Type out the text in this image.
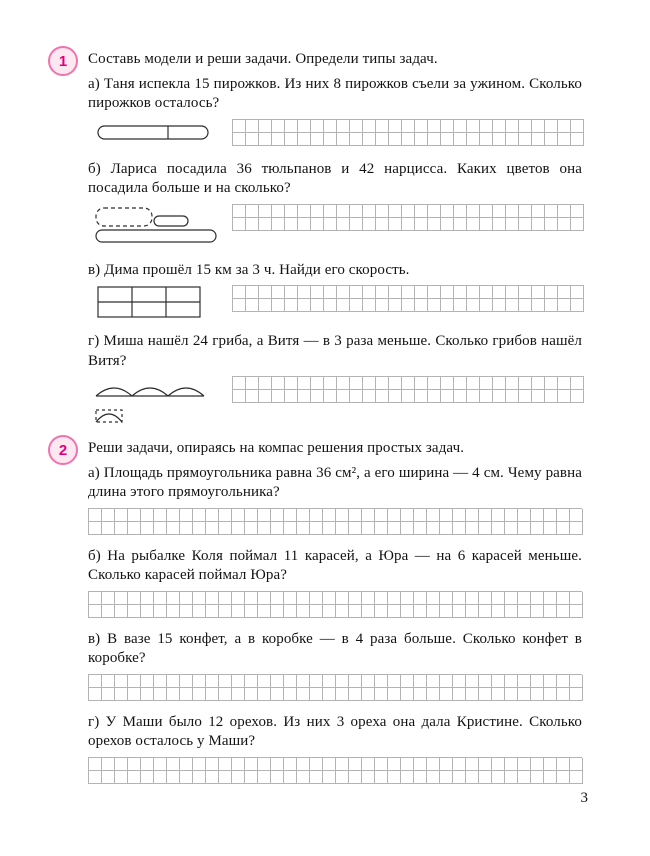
1	Составь модели и реши задачи. Определи типы задач.

а) Таня испекла 15 пирожков. Из них 8 пирожков съели за ужином. Сколько пирожков осталось?

б) Лариса посадила 36 тюльпанов и 42 нарцисса. Каких цветов она посадила больше и на сколько?

в) Дима прошёл 15 км за 3 ч. Найди его скорость.

г) Миша нашёл 24 гриба, а Витя — в 3 раза меньше. Сколько грибов нашёл Витя?

2	Реши задачи, опираясь на компас решения простых задач.

а) Площадь прямоугольника равна 36 см², а его ширина — 4 см. Чему равна длина этого прямоугольника?

б) На рыбалке Коля поймал 11 карасей, а Юра — на 6 карасей меньше. Сколько карасей поймал Юра?

в) В вазе 15 конфет, а в коробке — в 4 раза больше. Сколько конфет в коробке?

г) У Маши было 12 орехов. Из них 3 ореха она дала Кристине. Сколько орехов осталось у Маши?

3
